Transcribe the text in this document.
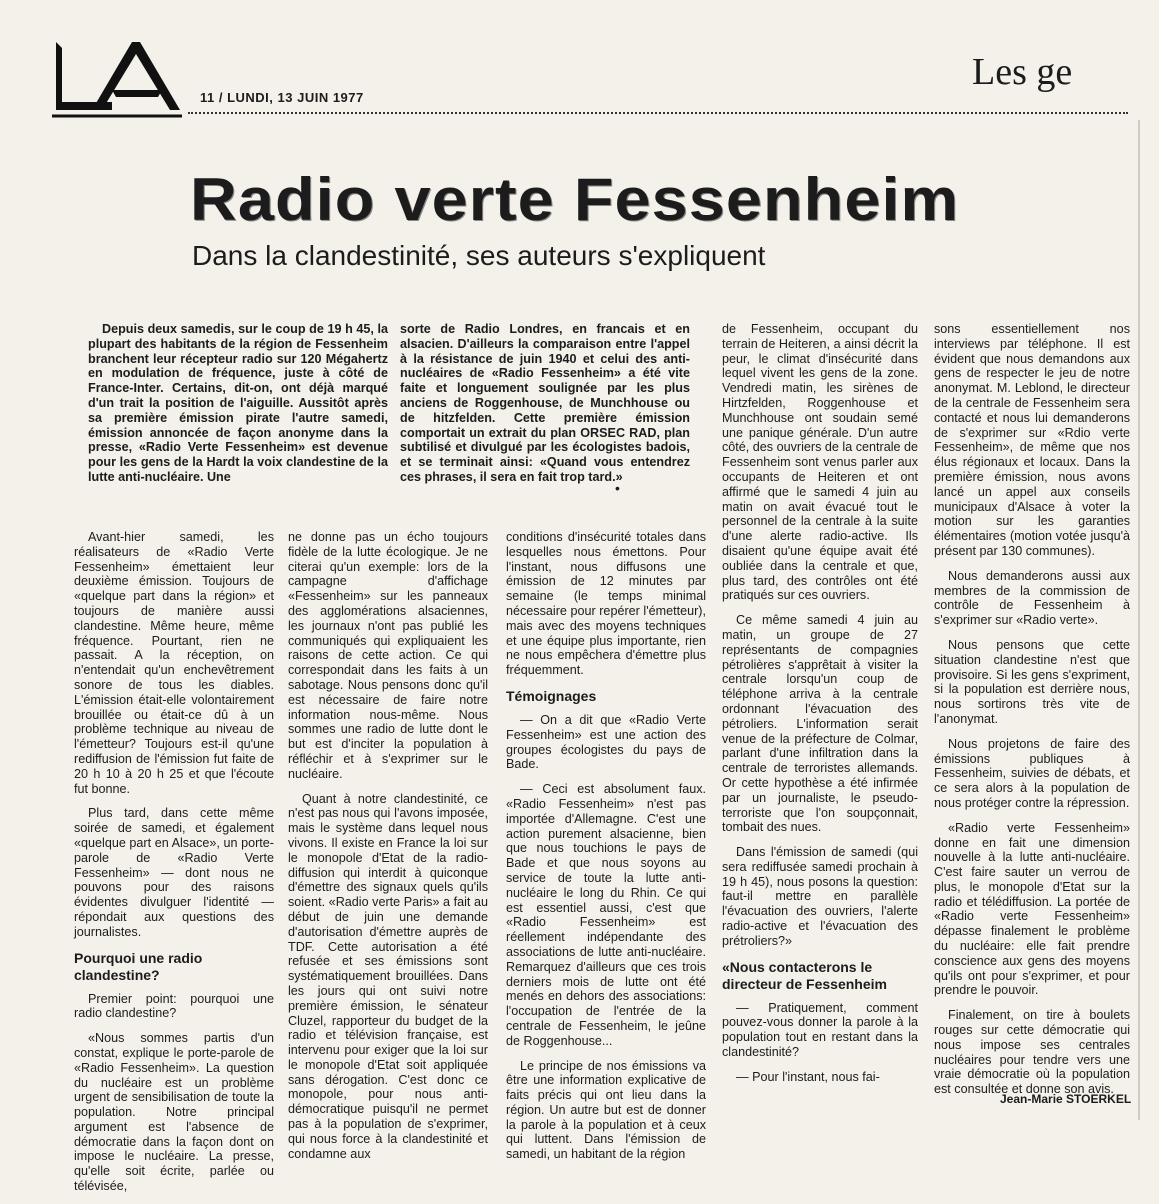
11 / LUNDI, 13 JUIN 1977
Les ge
Radio verte Fessenheim
Dans la clandestinité, ses auteurs s'expliquent

Depuis deux samedis, sur le coup de 19 h 45, la plupart des habitants de la région de Fessenheim branchent leur récepteur radio sur 120 Mégahertz en modulation de fréquence, juste à côté de France-Inter. Certains, dit-on, ont déjà marqué d'un trait la position de l'aiguille. Aussitôt après sa première émission pirate l'autre samedi, émission annoncée de façon anonyme dans la presse, «Radio Verte Fessenheim» est devenue pour les gens de la Hardt la voix clandestine de la lutte anti-nucléaire. Une

sorte de Radio Londres, en francais et en alsacien. D'ailleurs la comparaison entre l'appel à la résistance de juin 1940 et celui des anti-nucléaires de «Radio Fessenheim» a été vite faite et longuement soulignée par les plus anciens de Roggenhouse, de Munchhouse ou de hitzfelden. Cette première émission comportait un extrait du plan ORSEC RAD, plan subtilisé et divulgué par les écologistes badois, et se terminait ainsi: «Quand vous entendrez ces phrases, il sera en fait trop tard.»

•

Avant-hier samedi, les réalisateurs de «Radio Verte Fessenheim» émettaient leur deuxième émission. Toujours de «quelque part dans la région» et toujours de manière aussi clandestine. Même heure, même fréquence. Pourtant, rien ne passait. A la réception, on n'entendait qu'un enchevêtrement sonore de tous les diables. L'émission était-elle volontairement brouillée ou était-ce dû à un problème technique au niveau de l'émetteur? Toujours est-il qu'une rediffusion de l'émission fut faite de 20 h 10 à 20 h 25 et que l'écoute fut bonne.

Plus tard, dans cette même soirée de samedi, et également «quelque part en Alsace», un porte-parole de «Radio Verte Fessenheim» — dont nous ne pouvons pour des raisons évidentes divulguer l'identité — répondait aux questions des journalistes.

Pourquoi une radio clandestine?

Premier point: pourquoi une radio clandestine?

«Nous sommes partis d'un constat, explique le porte-parole de «Radio Fessenheim». La question du nucléaire est un problème urgent de sensibilisation de toute la population. Notre principal argument est l'absence de démocratie dans la façon dont on impose le nucléaire. La presse, qu'elle soit écrite, parlée ou télévisée,

ne donne pas un écho toujours fidèle de la lutte écologique. Je ne citerai qu'un exemple: lors de la campagne d'affichage «Fessenheim» sur les panneaux des agglomérations alsaciennes, les journaux n'ont pas publié les communiqués qui expliquaient les raisons de cette action. Ce qui correspondait dans les faits à un sabotage. Nous pensons donc qu'il est nécessaire de faire notre information nous-même. Nous sommes une radio de lutte dont le but est d'inciter la population à réfléchir et à s'exprimer sur le nucléaire.

Quant à notre clandestinité, ce n'est pas nous qui l'avons imposée, mais le système dans lequel nous vivons. Il existe en France la loi sur le monopole d'Etat de la radio-diffusion qui interdit à quiconque d'émettre des signaux quels qu'ils soient. «Radio verte Paris» a fait au début de juin une demande d'autorisation d'émettre auprès de TDF. Cette autorisation a été refusée et ses émissions sont systématiquement brouillées. Dans les jours qui ont suivi notre première émission, le sénateur Cluzel, rapporteur du budget de la radio et télévision française, est intervenu pour exiger que la loi sur le monopole d'Etat soit appliquée sans dérogation. C'est donc ce monopole, pour nous anti-démocratique puisqu'il ne permet pas à la population de s'exprimer, qui nous force à la clandestinité et condamne aux

conditions d'insécurité totales dans lesquelles nous émettons. Pour l'instant, nous diffusons une émission de 12 minutes par semaine (le temps minimal nécessaire pour repérer l'émetteur), mais avec des moyens techniques et une équipe plus importante, rien ne nous empêchera d'émettre plus fréquemment.

Témoignages

— On a dit que «Radio Verte Fessenheim» est une action des groupes écologistes du pays de Bade.

— Ceci est absolument faux. «Radio Fessenheim» n'est pas importée d'Allemagne. C'est une action purement alsacienne, bien que nous touchions le pays de Bade et que nous soyons au service de toute la lutte anti-nucléaire le long du Rhin. Ce qui est essentiel aussi, c'est que «Radio Fessenheim» est réellement indépendante des associations de lutte anti-nucléaire. Remarquez d'ailleurs que ces trois derniers mois de lutte ont été menés en dehors des associations: l'occupation de l'entrée de la centrale de Fessenheim, le jeûne de Roggenhouse...

Le principe de nos émissions va être une information explicative de faits précis qui ont lieu dans la région. Un autre but est de donner la parole à la population et à ceux qui luttent. Dans l'émission de samedi, un habitant de la région

de Fessenheim, occupant du terrain de Heiteren, a ainsi décrit la peur, le climat d'insécurité dans lequel vivent les gens de la zone. Vendredi matin, les sirènes de Hirtzfelden, Roggenhouse et Munchhouse ont soudain semé une panique générale. D'un autre côté, des ouvriers de la centrale de Fessenheim sont venus parler aux occupants de Heiteren et ont affirmé que le samedi 4 juin au matin on avait évacué tout le personnel de la centrale à la suite d'une alerte radio-active. Ils disaient qu'une équipe avait été oubliée dans la centrale et que, plus tard, des contrôles ont été pratiqués sur ces ouvriers.

Ce même samedi 4 juin au matin, un groupe de 27 représentants de compagnies pétrolières s'apprêtait à visiter la centrale lorsqu'un coup de téléphone arriva à la centrale ordonnant l'évacuation des pétroliers. L'information serait venue de la préfecture de Colmar, parlant d'une infiltration dans la centrale de terroristes allemands. Or cette hypothèse a été infirmée par un journaliste, le pseudo-terroriste que l'on soupçonnait, tombait des nues.

Dans l'émission de samedi (qui sera rediffusée samedi prochain à 19 h 45), nous posons la question: faut-il mettre en parallèle l'évacuation des ouvriers, l'alerte radio-active et l'évacuation des prétroliers?»

«Nous contacterons le directeur de Fessenheim

— Pratiquement, comment pouvez-vous donner la parole à la population tout en restant dans la clandestinité?

— Pour l'instant, nous fai-

sons essentiellement nos interviews par téléphone. Il est évident que nous demandons aux gens de respecter le jeu de notre anonymat. M. Leblond, le directeur de la centrale de Fessenheim sera contacté et nous lui demanderons de s'exprimer sur «Rdio verte Fessenheim», de même que nos élus régionaux et locaux. Dans la première émission, nous avons lancé un appel aux conseils municipaux d'Alsace à voter la motion sur les garanties élémentaires (motion votée jusqu'à présent par 130 communes).

Nous demanderons aussi aux membres de la commission de contrôle de Fessenheim à s'exprimer sur «Radio verte».

Nous pensons que cette situation clandestine n'est que provisoire. Si les gens s'expriment, si la population est derrière nous, nous sortirons très vite de l'anonymat.

Nous projetons de faire des émissions publiques à Fessenheim, suivies de débats, et ce sera alors à la population de nous protéger contre la répression.

«Radio verte Fessenheim» donne en fait une dimension nouvelle à la lutte anti-nucléaire. C'est faire sauter un verrou de plus, le monopole d'Etat sur la radio et télédiffusion. La portée de «Radio verte Fessenheim» dépasse finalement le problème du nucléaire: elle fait prendre conscience aux gens des moyens qu'ils ont pour s'exprimer, et pour prendre le pouvoir.

Finalement, on tire à boulets rouges sur cette démocratie qui nous impose ses centrales nucléaires pour tendre vers une vraie démocratie où la population est consultée et donne son avis.

Jean-Marie STOERKEL
